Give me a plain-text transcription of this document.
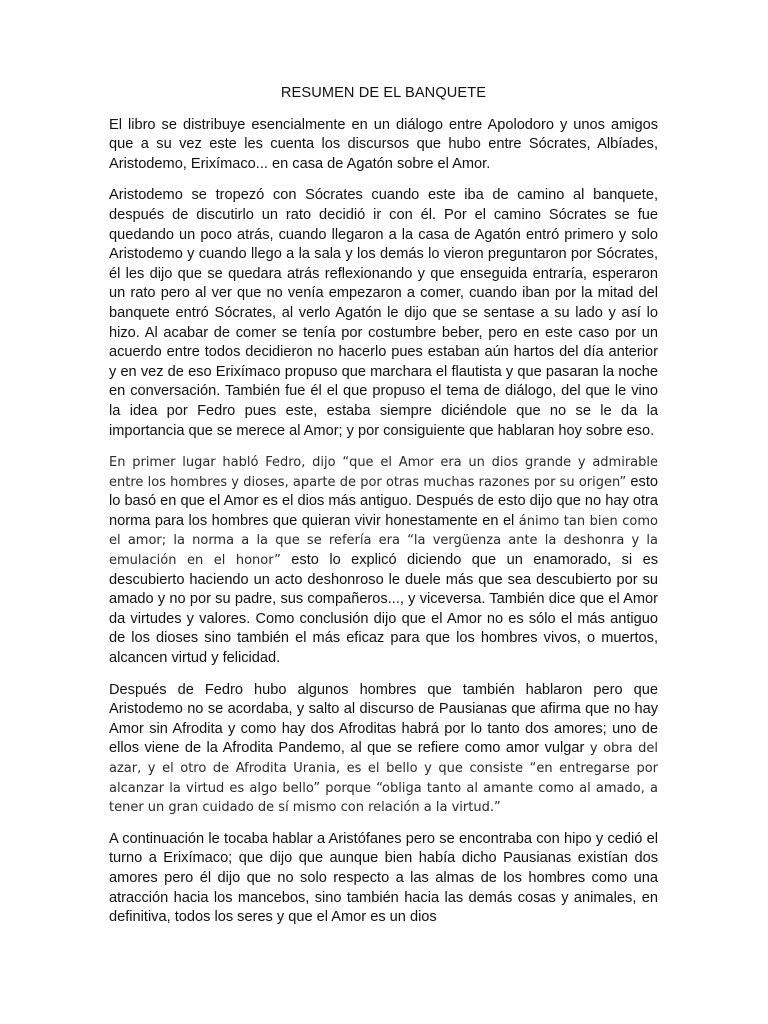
RESUMEN DE EL BANQUETE

El libro se distribuye esencialmente en un diálogo entre Apolodoro y unos amigos que a su vez este les cuenta los discursos que hubo entre Sócrates, Albíades, Aristodemo, Erixímaco... en casa de Agatón sobre el Amor.

Aristodemo se tropezó con Sócrates cuando este iba de camino al banquete, después de discutirlo un rato decidió ir con él. Por el camino Sócrates se fue quedando un poco atrás, cuando llegaron a la casa de Agatón entró primero y solo Aristodemo y cuando llego a la sala y los demás lo vieron preguntaron por Sócrates, él les dijo que se quedara atrás reflexionando y que enseguida entraría, esperaron un rato pero al ver que no venía empezaron a comer, cuando iban por la mitad del banquete entró Sócrates, al verlo Agatón le dijo que se sentase a su lado y así lo hizo. Al acabar de comer se tenía por costumbre beber, pero en este caso por un acuerdo entre todos decidieron no hacerlo pues estaban aún hartos del día anterior y en vez de eso Erixímaco propuso que marchara el flautista y que pasaran la noche en conversación. También fue él el que propuso el tema de diálogo, del que le vino la idea por Fedro pues este, estaba siempre diciéndole que no se le da la importancia que se merece al Amor; y por consiguiente que hablaran hoy sobre eso.

En primer lugar habló Fedro, dijo “que el Amor era un dios grande y admirable entre los hombres y dioses, aparte de por otras muchas razones por su origen” esto lo basó en que el Amor es el dios más antiguo. Después de esto dijo que no hay otra norma para los hombres que quieran vivir honestamente en el ánimo tan bien como el amor; la norma a la que se refería era “la vergüenza ante la deshonra y la emulación en el honor” esto lo explicó diciendo que un enamorado, si es descubierto haciendo un acto deshonroso le duele más que sea descubierto por su amado y no por su padre, sus compañeros..., y viceversa. También dice que el Amor da virtudes y valores. Como conclusión dijo que el Amor no es sólo el más antiguo de los dioses sino también el más eficaz para que los hombres vivos, o muertos, alcancen virtud y felicidad.

Después de Fedro hubo algunos hombres que también hablaron pero que Aristodemo no se acordaba, y salto al discurso de Pausianas que afirma que no hay Amor sin Afrodita y como hay dos Afroditas habrá por lo tanto dos amores; uno de ellos viene de la Afrodita Pandemo, al que se refiere como amor vulgar y obra del azar, y el otro de Afrodita Urania, es el bello y que consiste “en entregarse por alcanzar la virtud es algo bello” porque “obliga tanto al amante como al amado, a tener un gran cuidado de sí mismo con relación a la virtud.”

A continuación le tocaba hablar a Aristófanes pero se encontraba con hipo y cedió el turno a Erixímaco; que dijo que aunque bien había dicho Pausianas existían dos amores pero él dijo que no solo respecto a las almas de los hombres como una atracción hacia los mancebos, sino también hacia las demás cosas y animales, en definitiva, todos los seres y que el Amor es un dios
